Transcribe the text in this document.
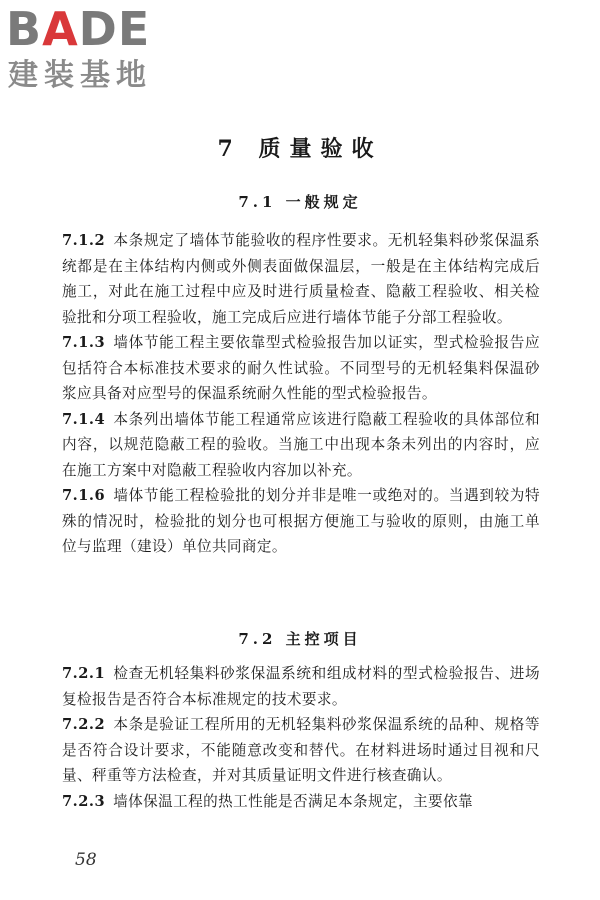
BADE
建装基地
7 质量验收
7.1 一般规定

7.1.2 本条规定了墙体节能验收的程序性要求。无机轻集料砂浆保温系统都是在主体结构内侧或外侧表面做保温层，一般是在主体结构完成后施工，对此在施工过程中应及时进行质量检查、隐蔽工程验收、相关检验批和分项工程验收，施工完成后应进行墙体节能子分部工程验收。

7.1.3 墙体节能工程主要依靠型式检验报告加以证实，型式检验报告应包括符合本标准技术要求的耐久性试验。不同型号的无机轻集料保温砂浆应具备对应型号的保温系统耐久性能的型式检验报告。

7.1.4 本条列出墙体节能工程通常应该进行隐蔽工程验收的具体部位和内容，以规范隐蔽工程的验收。当施工中出现本条未列出的内容时，应在施工方案中对隐蔽工程验收内容加以补充。

7.1.6 墙体节能工程检验批的划分并非是唯一或绝对的。当遇到较为特殊的情况时，检验批的划分也可根据方便施工与验收的原则，由施工单位与监理（建设）单位共同商定。

7.2 主控项目

7.2.1 检查无机轻集料砂浆保温系统和组成材料的型式检验报告、进场复检报告是否符合本标准规定的技术要求。

7.2.2 本条是验证工程所用的无机轻集料砂浆保温系统的品种、规格等是否符合设计要求，不能随意改变和替代。在材料进场时通过目视和尺量、秤重等方法检查，并对其质量证明文件进行核查确认。

7.2.3 墙体保温工程的热工性能是否满足本条规定，主要依靠

58
